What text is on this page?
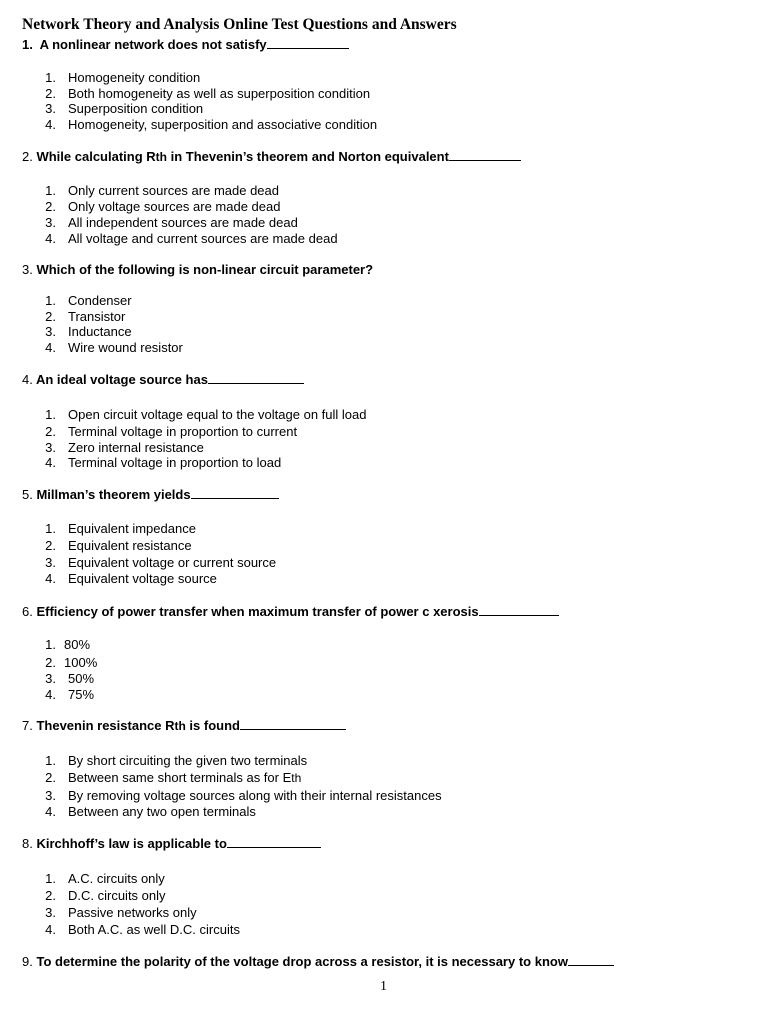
Network Theory and Analysis Online Test Questions and Answers
1. A nonlinear network does not satisfy
1. Homogeneity condition
2. Both homogeneity as well as superposition condition
3. Superposition condition
4. Homogeneity, superposition and associative condition
2. While calculating Rth in Thevenin’s theorem and Norton equivalent
1. Only current sources are made dead
2. Only voltage sources are made dead
3. All independent sources are made dead
4. All voltage and current sources are made dead
3. Which of the following is non-linear circuit parameter?
1. Condenser
2. Transistor
3. Inductance
4. Wire wound resistor
4. An ideal voltage source has
1. Open circuit voltage equal to the voltage on full load
2. Terminal voltage in proportion to current
3. Zero internal resistance
4. Terminal voltage in proportion to load
5. Millman’s theorem yields
1. Equivalent impedance
2. Equivalent resistance
3. Equivalent voltage or current source
4. Equivalent voltage source
6. Efficiency of power transfer when maximum transfer of power c xerosis
1. 80%
2. 100%
3. 50%
4. 75%
7. Thevenin resistance Rth is found
1. By short circuiting the given two terminals
2. Between same short terminals as for Eth
3. By removing voltage sources along with their internal resistances
4. Between any two open terminals
8. Kirchhoff’s law is applicable to
1. A.C. circuits only
2. D.C. circuits only
3. Passive networks only
4. Both A.C. as well D.C. circuits
9. To determine the polarity of the voltage drop across a resistor, it is necessary to know
1
